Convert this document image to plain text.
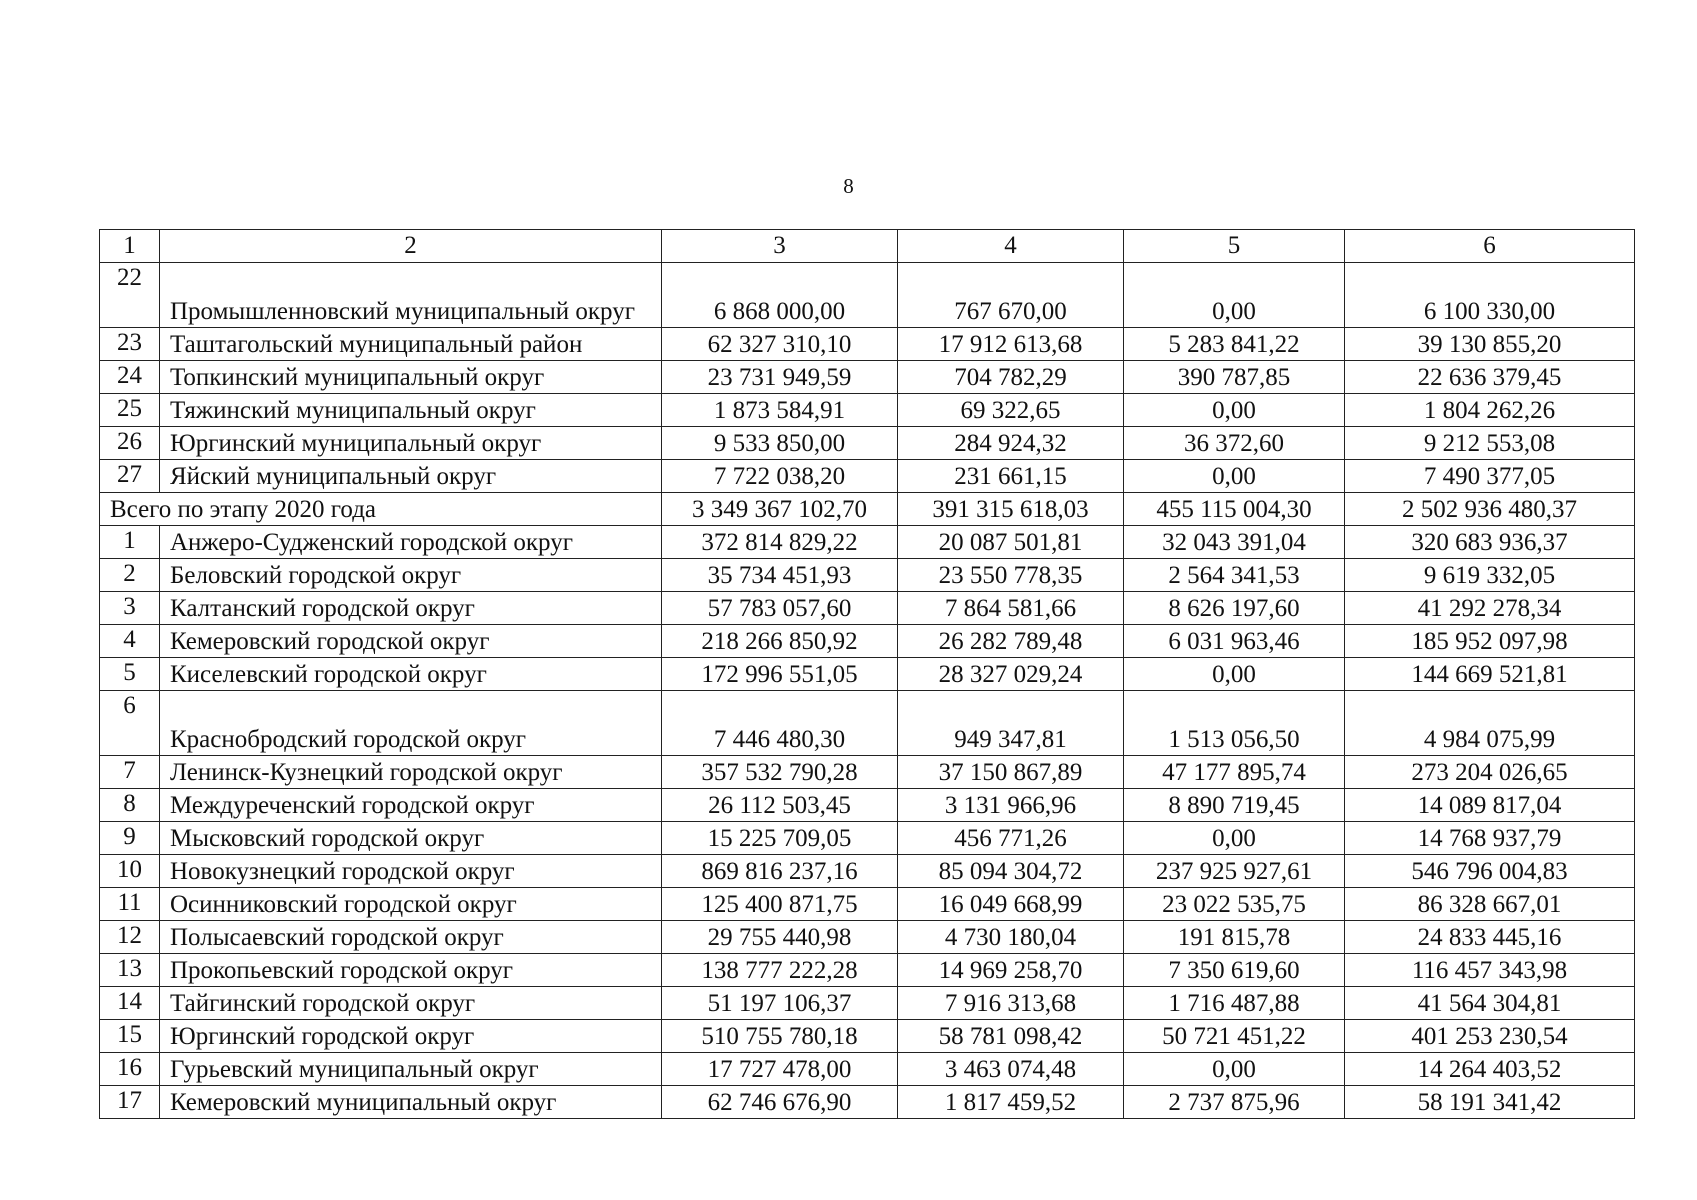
8
1	2	3	4	5	6
22	Промышленновский муниципальный округ	6 868 000,00	767 670,00	0,00	6 100 330,00
23	Таштагольский муниципальный район	62 327 310,10	17 912 613,68	5 283 841,22	39 130 855,20
24	Топкинский муниципальный округ	23 731 949,59	704 782,29	390 787,85	22 636 379,45
25	Тяжинский муниципальный округ	1 873 584,91	69 322,65	0,00	1 804 262,26
26	Юргинский муниципальный округ	9 533 850,00	284 924,32	36 372,60	9 212 553,08
27	Яйский муниципальный округ	7 722 038,20	231 661,15	0,00	7 490 377,05
Всего по этапу 2020 года		3 349 367 102,70	391 315 618,03	455 115 004,30	2 502 936 480,37
1	Анжеро-Судженский городской округ	372 814 829,22	20 087 501,81	32 043 391,04	320 683 936,37
2	Беловский городской округ	35 734 451,93	23 550 778,35	2 564 341,53	9 619 332,05
3	Калтанский городской округ	57 783 057,60	7 864 581,66	8 626 197,60	41 292 278,34
4	Кемеровский городской округ	218 266 850,92	26 282 789,48	6 031 963,46	185 952 097,98
5	Киселевский городской округ	172 996 551,05	28 327 029,24	0,00	144 669 521,81
6	Краснобродский городской округ	7 446 480,30	949 347,81	1 513 056,50	4 984 075,99
7	Ленинск-Кузнецкий городской округ	357 532 790,28	37 150 867,89	47 177 895,74	273 204 026,65
8	Междуреченский городской округ	26 112 503,45	3 131 966,96	8 890 719,45	14 089 817,04
9	Мысковский городской округ	15 225 709,05	456 771,26	0,00	14 768 937,79
10	Новокузнецкий городской округ	869 816 237,16	85 094 304,72	237 925 927,61	546 796 004,83
11	Осинниковский городской округ	125 400 871,75	16 049 668,99	23 022 535,75	86 328 667,01
12	Полысаевский городской округ	29 755 440,98	4 730 180,04	191 815,78	24 833 445,16
13	Прокопьевский городской округ	138 777 222,28	14 969 258,70	7 350 619,60	116 457 343,98
14	Тайгинский городской округ	51 197 106,37	7 916 313,68	1 716 487,88	41 564 304,81
15	Юргинский городской округ	510 755 780,18	58 781 098,42	50 721 451,22	401 253 230,54
16	Гурьевский муниципальный округ	17 727 478,00	3 463 074,48	0,00	14 264 403,52
17	Кемеровский муниципальный округ	62 746 676,90	1 817 459,52	2 737 875,96	58 191 341,42
